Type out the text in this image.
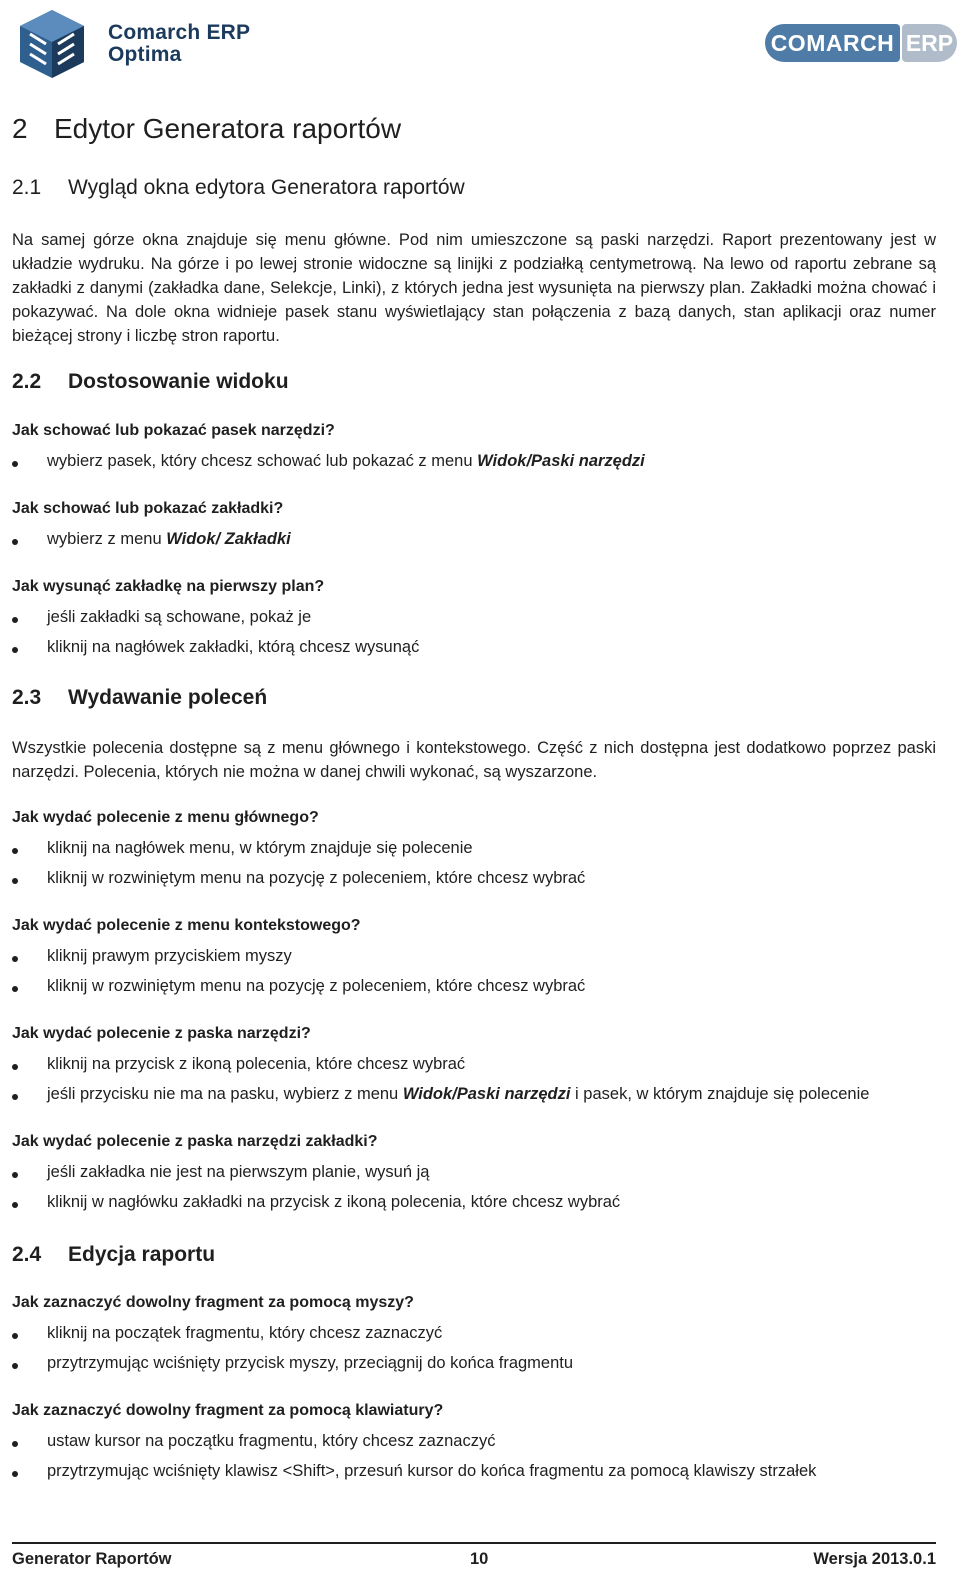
Comarch ERP
Optima	COMARCH ERP
2 Edytor Generatora raportów
2.1 Wygląd okna edytora Generatora raportów
Na samej górze okna znajduje się menu główne. Pod nim umieszczone są paski narzędzi. Raport prezentowany jest w układzie wydruku. Na górze i po lewej stronie widoczne są linijki z podziałką centymetrową. Na lewo od raportu zebrane są zakładki z danymi (zakładka dane, Selekcje, Linki), z których jedna jest wysunięta na pierwszy plan. Zakładki można chować i pokazywać. Na dole okna widnieje pasek stanu wyświetlający stan połączenia z bazą danych, stan aplikacji oraz numer bieżącej strony i liczbę stron raportu.
2.2 Dostosowanie widoku
Jak schować lub pokazać pasek narzędzi?
wybierz pasek, który chcesz schować lub pokazać z menu Widok/Paski narzędzi
Jak schować lub pokazać zakładki?
wybierz z menu Widok/ Zakładki
Jak wysunąć zakładkę na pierwszy plan?
jeśli zakładki są schowane, pokaż je
kliknij na nagłówek zakładki, którą chcesz wysunąć
2.3 Wydawanie poleceń
Wszystkie polecenia dostępne są z menu głównego i kontekstowego. Część z nich dostępna jest dodatkowo poprzez paski narzędzi. Polecenia, których nie można w danej chwili wykonać, są wyszarzone.
Jak wydać polecenie z menu głównego?
kliknij na nagłówek menu, w którym znajduje się polecenie
kliknij w rozwiniętym menu na pozycję z poleceniem, które chcesz wybrać
Jak wydać polecenie z menu kontekstowego?
kliknij prawym przyciskiem myszy
kliknij w rozwiniętym menu na pozycję z poleceniem, które chcesz wybrać
Jak wydać polecenie z paska narzędzi?
kliknij na przycisk z ikoną polecenia, które chcesz wybrać
jeśli przycisku nie ma na pasku, wybierz z menu Widok/Paski narzędzi i pasek, w którym znajduje się polecenie
Jak wydać polecenie z paska narzędzi zakładki?
jeśli zakładka nie jest na pierwszym planie, wysuń ją
kliknij w nagłówku zakładki na przycisk z ikoną polecenia, które chcesz wybrać
2.4 Edycja raportu
Jak zaznaczyć dowolny fragment za pomocą myszy?
kliknij na początek fragmentu, który chcesz zaznaczyć
przytrzymując wciśnięty przycisk myszy, przeciągnij do końca fragmentu
Jak zaznaczyć dowolny fragment za pomocą klawiatury?
ustaw kursor na początku fragmentu, który chcesz zaznaczyć
przytrzymując wciśnięty klawisz <Shift>, przesuń kursor do końca fragmentu za pomocą klawiszy strzałek
Generator Raportów	10	Wersja 2013.0.1
